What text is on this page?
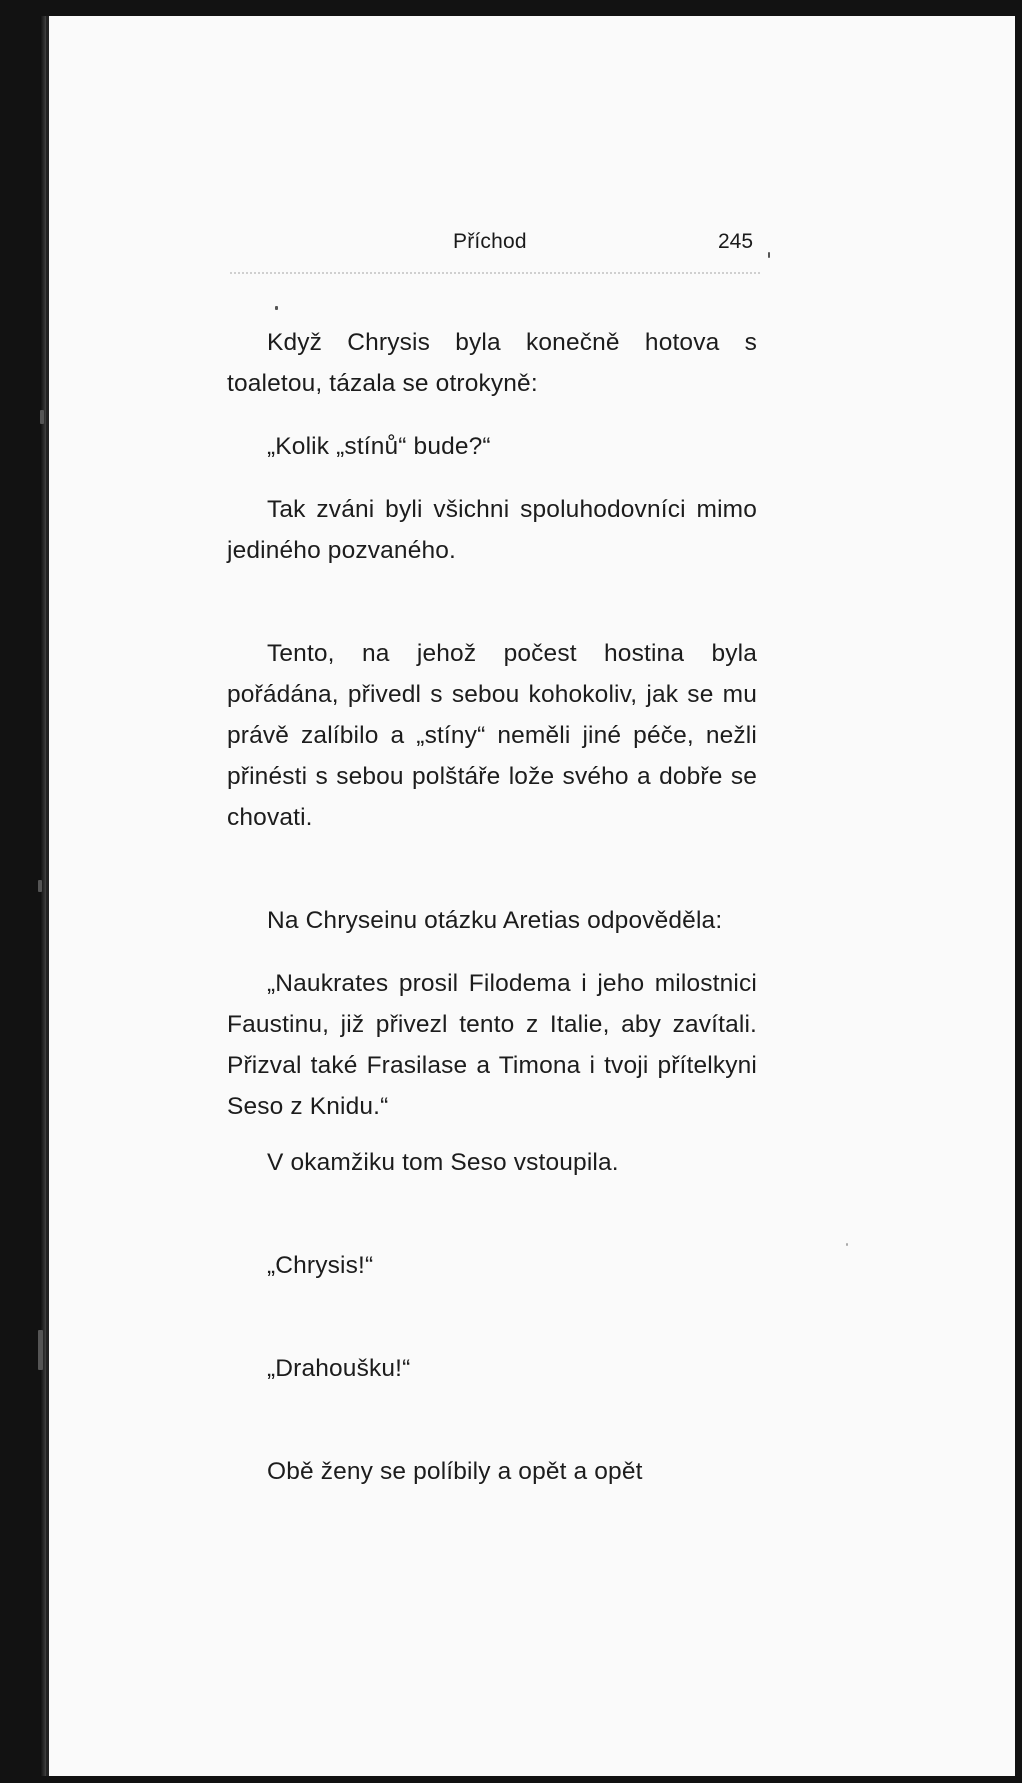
Příchod	245

Když Chrysis byla konečně hotova s toaletou, tázala se otrokyně:

„Kolik „stínů“ bude?“

Tak zváni byli všichni spoluhodovníci mimo jediného pozvaného.

Tento, na jehož počest hostina byla pořádána, přivedl s sebou kohokoliv, jak se mu právě zalíbilo a „stíny“ neměli jiné péče, nežli přinésti s sebou polštáře lože svého a dobře se chovati.

Na Chryseinu otázku Aretias odpověděla:

„Naukrates prosil Filodema i jeho milostnici Faustinu, již přivezl tento z Italie, aby zavítali. Přizval také Frasilase a Timona i tvoji přítelkyni Seso z Knidu.“

V okamžiku tom Seso vstoupila.

„Chrysis!“

„Drahoušku!“

Obě ženy se políbily a opět a opět
